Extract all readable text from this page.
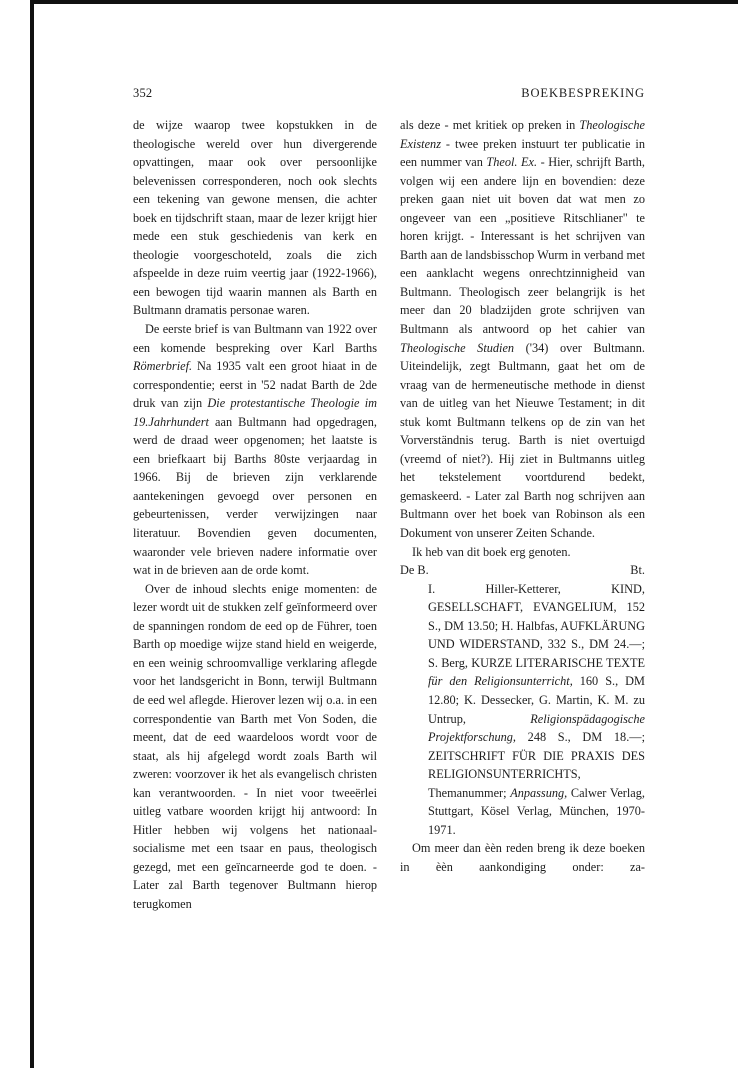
352	BOEKBESPREKING

de wijze waarop twee kopstukken in de theologische wereld over hun divergerende opvattingen, maar ook over persoonlijke belevenissen corresponderen, noch ook slechts een tekening van gewone mensen, die achter boek en tijdschrift staan, maar de lezer krijgt hier mede een stuk geschiedenis van kerk en theologie voorgeschoteld, zoals die zich afspeelde in deze ruim veertig jaar (1922-1966), een bewogen tijd waarin mannen als Barth en Bultmann dramatis personae waren.

De eerste brief is van Bultmann van 1922 over een komende bespreking over Karl Barths Römerbrief. Na 1935 valt een groot hiaat in de correspondentie; eerst in '52 nadat Barth de 2de druk van zijn Die protestantische Theologie im 19.Jahrhundert aan Bultmann had opgedragen, werd de draad weer opgenomen; het laatste is een briefkaart bij Barths 80ste verjaardag in 1966. Bij de brieven zijn verklarende aantekeningen gevoegd over personen en gebeurtenissen, verder verwijzingen naar literatuur. Bovendien geven documenten, waaronder vele brieven nadere informatie over wat in de brieven aan de orde komt.

Over de inhoud slechts enige momenten: de lezer wordt uit de stukken zelf geïnformeerd over de spanningen rondom de eed op de Führer, toen Barth op moedige wijze stand hield en weigerde, en een weinig schroomvallige verklaring aflegde voor het landsgericht in Bonn, terwijl Bultmann de eed wel aflegde. Hierover lezen wij o.a. in een correspondentie van Barth met Von Soden, die meent, dat de eed waardeloos wordt voor de staat, als hij afgelegd wordt zoals Barth wil zweren: voorzover ik het als evangelisch christen kan verantwoorden. - In niet voor tweeërlei uitleg vatbare woorden krijgt hij antwoord: In Hitler hebben wij volgens het nationaal-socialisme met een tsaar en paus, theologisch gezegd, met een geïncarneerde god te doen. - Later zal Barth tegenover Bultmann hierop terugkomen

als deze - met kritiek op preken in Theologische Existenz - twee preken instuurt ter publicatie in een nummer van Theol. Ex. - Hier, schrijft Barth, volgen wij een andere lijn en bovendien: deze preken gaan niet uit boven dat wat men zo ongeveer van een „positieve Ritschlianer" te horen krijgt. - Interessant is het schrijven van Barth aan de landsbisschop Wurm in verband met een aanklacht wegens onrechtzinnigheid van Bultmann. Theologisch zeer belangrijk is het meer dan 20 bladzijden grote schrijven van Bultmann als antwoord op het cahier van Theologische Studien ('34) over Bultmann. Uiteindelijk, zegt Bultmann, gaat het om de vraag van de hermeneutische methode in dienst van de uitleg van het Nieuwe Testament; in dit stuk komt Bultmann telkens op de zin van het Vorverständnis terug. Barth is niet overtuigd (vreemd of niet?). Hij ziet in Bultmanns uitleg het tekstelement voortdurend bedekt, gemaskeerd. - Later zal Barth nog schrijven aan Bultmann over het boek van Robinson als een Dokument von unserer Zeiten Schande.

Ik heb van dit boek erg genoten.

De B.	Bt.

I. Hiller-Ketterer, KIND, GESELLSCHAFT, EVANGELIUM, 152 S., DM 13.50; H. Halbfas, AUFKLÄRUNG UND WIDERSTAND, 332 S., DM 24.—; S. Berg, KURZE LITERARISCHE TEXTE für den Religionsunterricht, 160 S., DM 12.80; K. Dessecker, G. Martin, K. M. zu Untrup, Religionspädagogische Projektforschung, 248 S., DM 18.—; ZEITSCHRIFT FÜR DIE PRAXIS DES RELIGIONSUNTERRICHTS, Themanummer; Anpassung, Calwer Verlag, Stuttgart, Kösel Verlag, München, 1970-1971.

Om meer dan èèn reden breng ik deze boeken in èèn aankondiging onder: za-
